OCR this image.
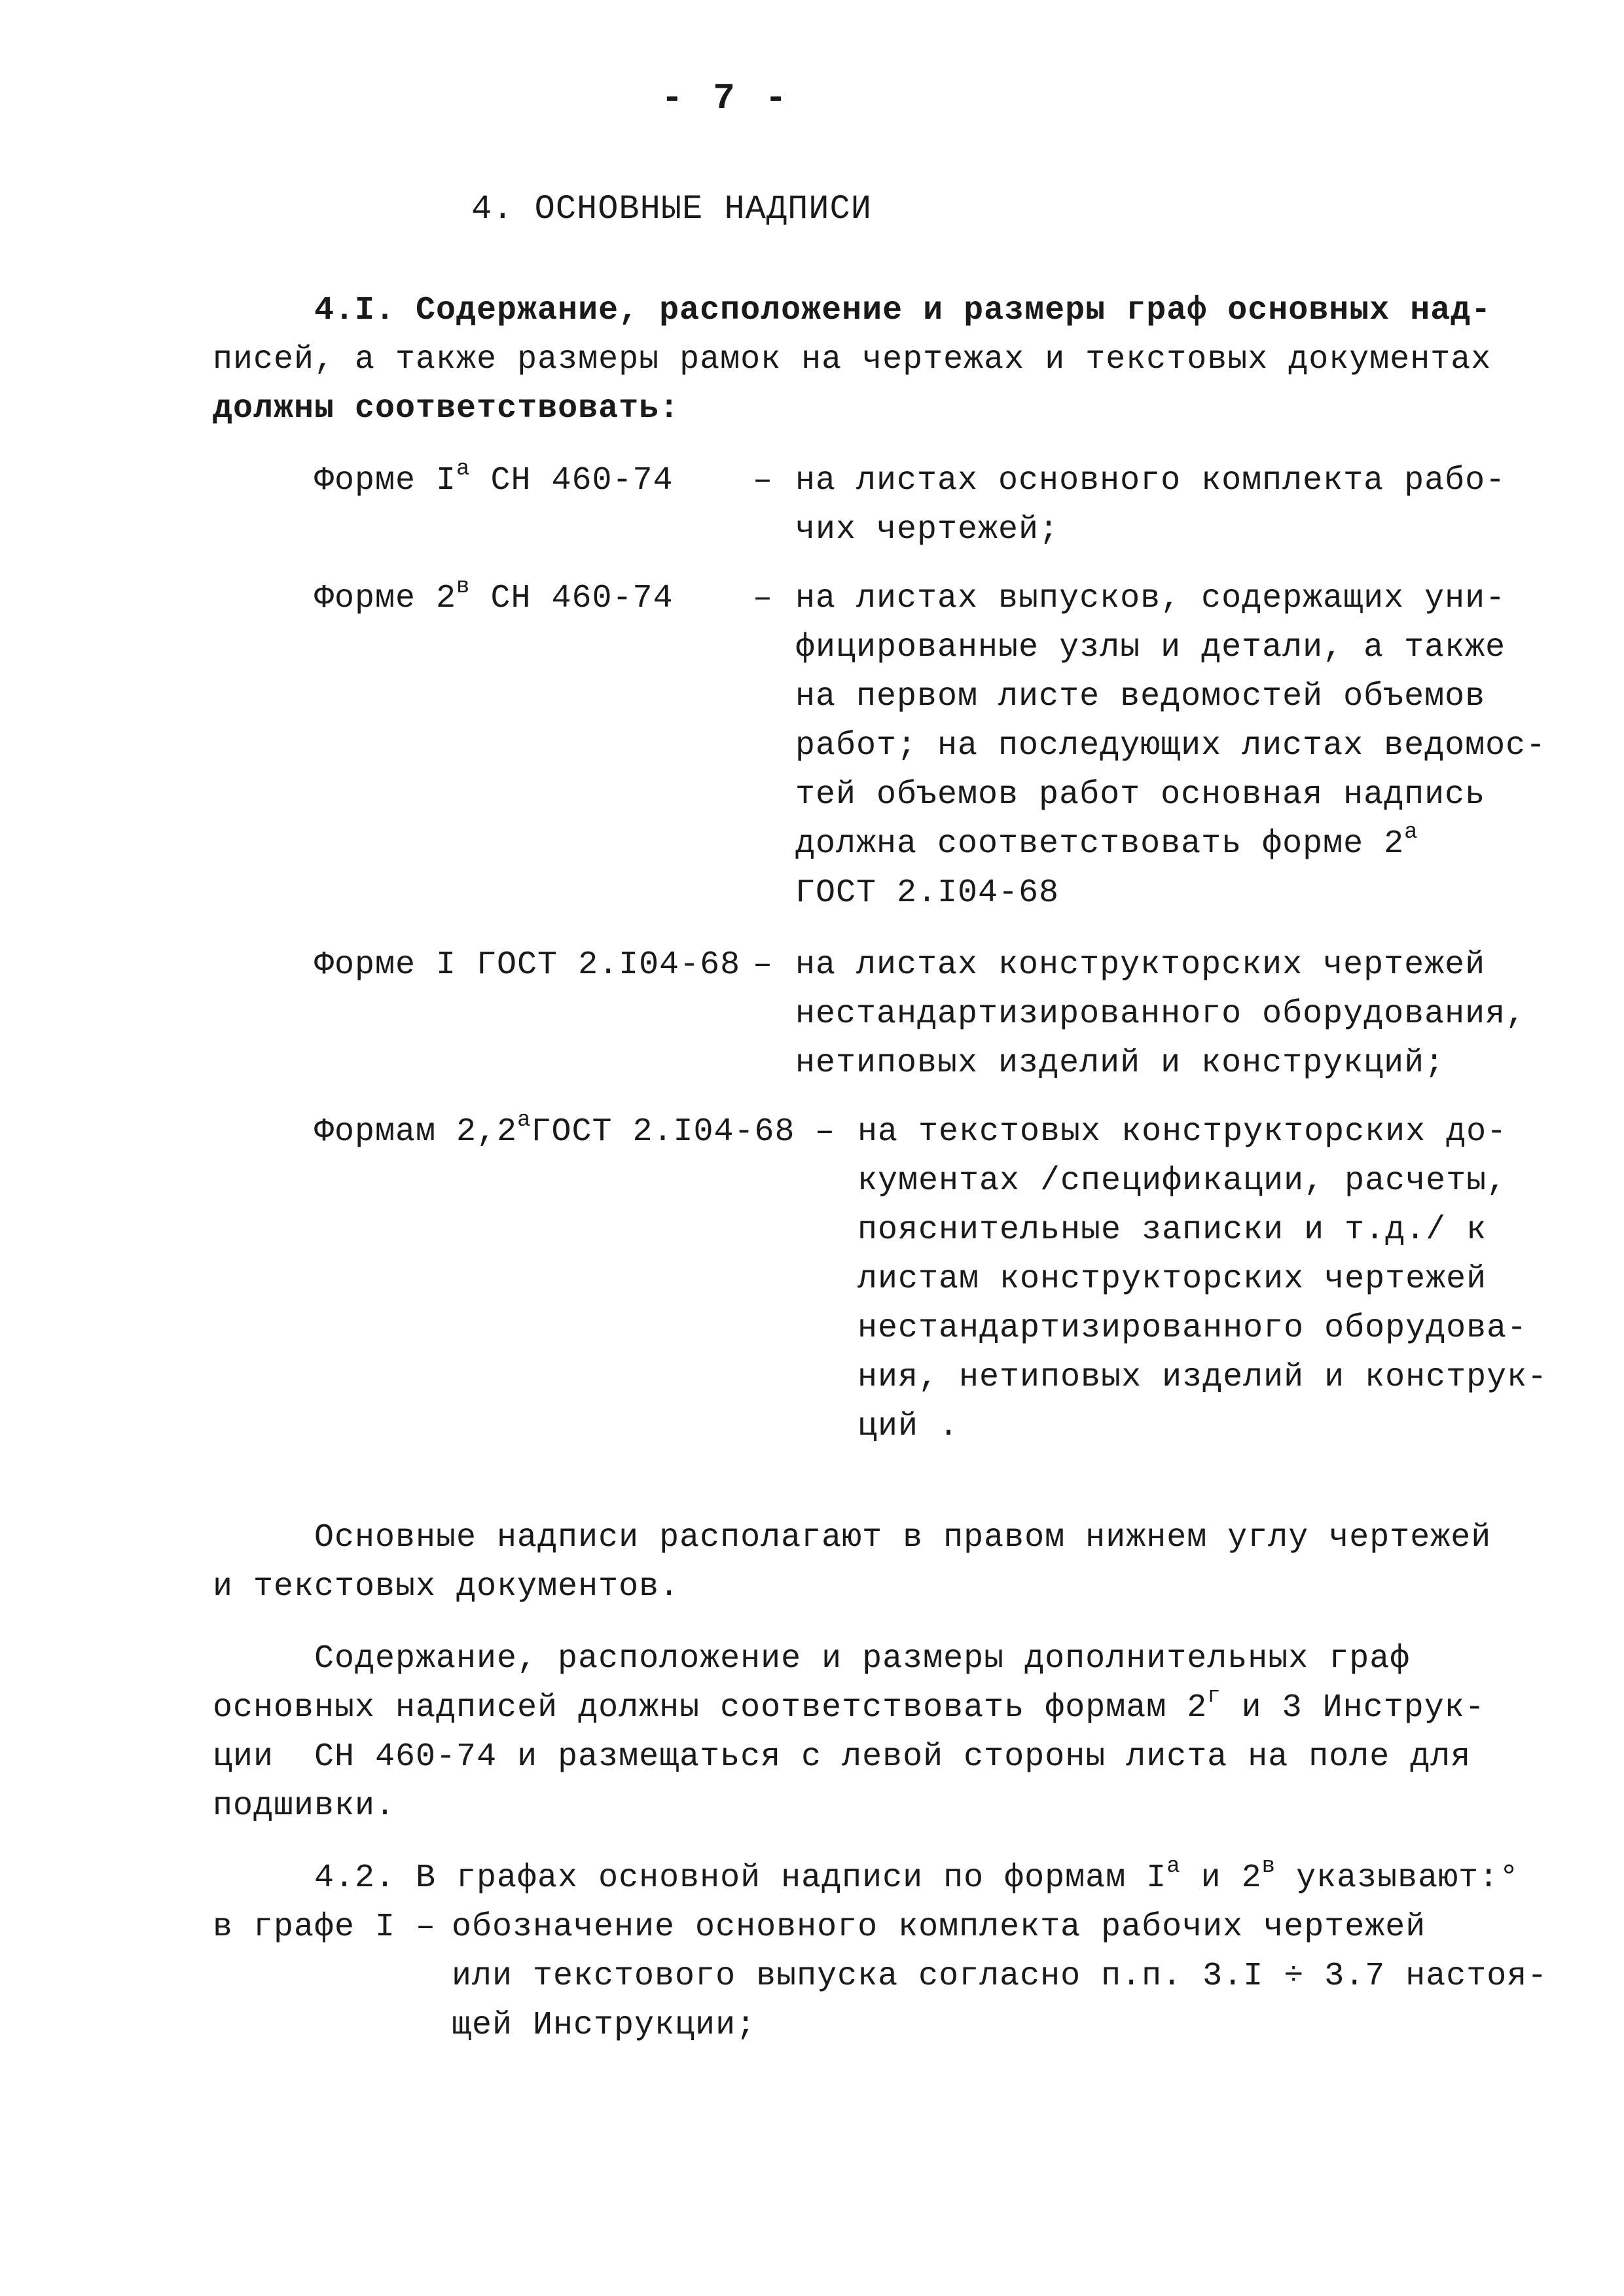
- 7 -
4. ОСНОВНЫЕ НАДПИСИ
4.I. Содержание, расположение и размеры граф основных над-
писей, а также размеры рамок на чертежах и текстовых документах
должны соответствовать:
Форме $I^а$ СН 460-74 – на листах основного комплекта рабо-
чих чертежей;
Форме $2^в$ СН 460-74 – на листах выпусков, содержащих уни-
фицированные узлы и детали, а также
на первом листе ведомостей объемов
работ; на последующих листах ведомос-
тей объемов работ основная надпись
должна соответствовать форме $2^а$
ГОСТ 2.I04-68
Форме I ГОСТ 2.I04-68 – на листах конструкторских чертежей
нестандартизированного оборудования,
нетиповых изделий и конструкций;
Формам $2,2^аГОСТ$ 2.I04-68 – на текстовых конструкторских до-
кументах /спецификации, расчеты,
пояснительные записки и т.д./ к
листам конструкторских чертежей
нестандартизированного оборудова-
ния, нетиповых изделий и конструк-
ций .
Основные надписи располагают в правом нижнем углу чертежей
и текстовых документов.
Содержание, расположение и размеры дополнительных граф
основных надписей должны соответствовать формам $2^г$ и 3 Инструк-
ции  СН 460-74 и размещаться с левой стороны листа на поле для
подшивки.
4.2. В графах основной надписи по формам $I^а$ и $2^в$ указывают:°
в графе I – обозначение основного комплекта рабочих чертежей
или текстового выпуска согласно п.п. 3.I ÷ 3.7 настоя-
щей Инструкции;
